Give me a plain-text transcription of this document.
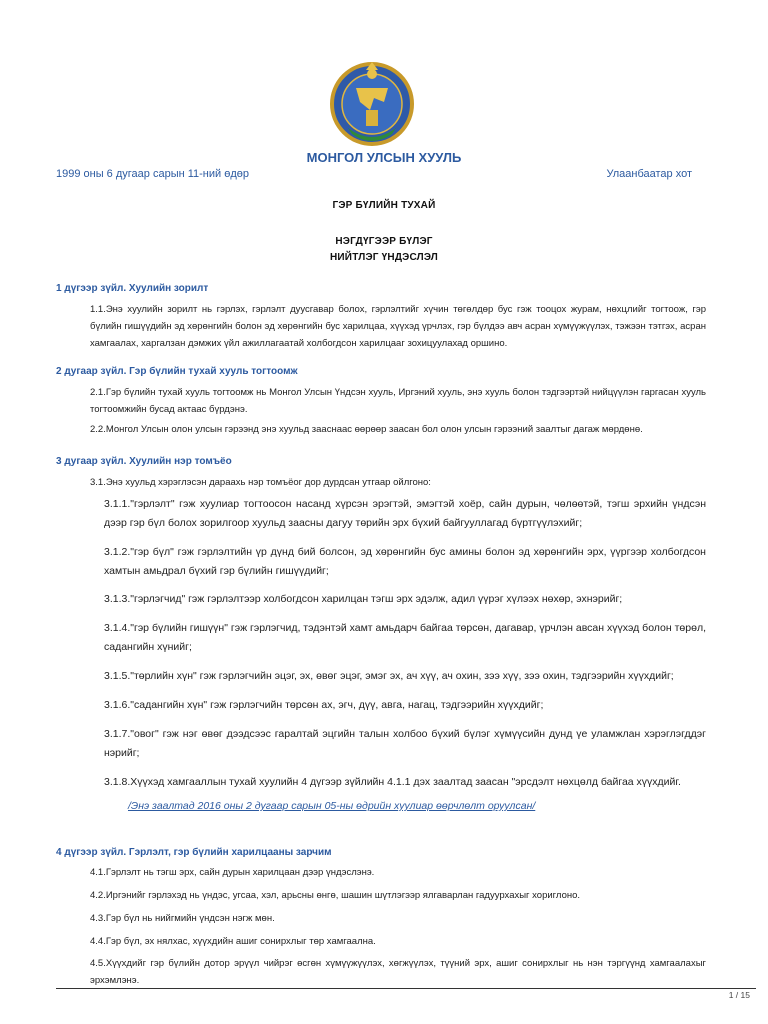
МОНГОЛ УЛСЫН ХУУЛЬ
1999 оны 6 дугаар сарын 11-ний өдөр	Улаанбаатар хот
ГЭР БҮЛИЙН ТУХАЙ
НЭГДҮГЭЭР БҮЛЭГ
НИЙТЛЭГ ҮНДЭСЛЭЛ
1 дүгээр зүйл. Хуулийн зорилт

1.1.Энэ хуулийн зорилт нь гэрлэх, гэрлэлт дуусгавар болох, гэрлэлтийг хүчин төгөлдөр бус гэж тооцох журам, нөхцлийг тогтоож, гэр бүлийн гишүүдийн эд хөрөнгийн болон эд хөрөнгийн бус харилцаа, хүүхэд үрчлэх, гэр бүлдээ авч асран хүмүүжүүлэх, тэжээн тэтгэх, асран хамгаалах, харгалзан дэмжих үйл ажиллагаатай холбогдсон харилцааг зохицуулахад оршино.

2 дугаар зүйл. Гэр бүлийн тухай хууль тогтоомж

2.1.Гэр бүлийн тухай хууль тогтоомж нь Монгол Улсын Үндсэн хууль, Иргэний хууль, энэ хууль болон тэдгээртэй нийцүүлэн гаргасан хууль тогтоомжийн бусад актаас бүрдэнэ.

2.2.Монгол Улсын олон улсын гэрээнд энэ хуульд зааснаас өөрөөр заасан бол олон улсын гэрээний заалтыг дагаж мөрдөнө.

3 дугаар зүйл. Хуулийн нэр томъёо

3.1.Энэ хуульд хэрэглэсэн дараахь нэр томъёог дор дурдсан утгаар ойлгоно:

3.1.1."гэрлэлт" гэж хуулиар тогтоосон насанд хүрсэн эрэгтэй, эмэгтэй хоёр, сайн дурын, чөлөөтэй, тэгш эрхийн үндсэн дээр гэр бүл болох зорилгоор хуульд заасны дагуу төрийн эрх бүхий байгууллагад бүртгүүлэхийг;

3.1.2."гэр бүл" гэж гэрлэлтийн үр дүнд бий болсон, эд хөрөнгийн бус амины болон эд хөрөнгийн эрх, үүргээр холбогдсон хамтын амьдрал бүхий гэр бүлийн гишүүдийг;

3.1.3."гэрлэгчид" гэж гэрлэлтээр холбогдсон харилцан тэгш эрх эдэлж, адил үүрэг хүлээх нөхөр, эхнэрийг;

3.1.4."гэр бүлийн гишүүн" гэж гэрлэгчид, тэдэнтэй хамт амьдарч байгаа төрсөн, дагавар, үрчлэн авсан хүүхэд болон төрөл, садангийн хүнийг;

3.1.5."төрлийн хүн" гэж гэрлэгчийн эцэг, эх, өвөг эцэг, эмэг эх, ач хүү, ач охин, зээ хүү, зээ охин, тэдгээрийн хүүхдийг;

3.1.6."садангийн хүн" гэж гэрлэгчийн төрсөн ах, эгч, дүү, авга, нагац, тэдгээрийн хүүхдийг;

3.1.7."овог" гэж нэг өвөг дээдсээс гаралтай эцгийн талын холбоо бүхий бүлэг хүмүүсийн дунд үе уламжлан хэрэглэгддэг нэрийг;

3.1.8.Хүүхэд хамгааллын тухай хуулийн 4 дүгээр зүйлийн 4.1.1 дэх заалтад заасан "эрсдэлт нөхцөлд байгаа хүүхдийг.

/Энэ заалтад 2016 оны 2 дугаар сарын 05-ны өдрийн хуулиар өөрчлөлт оруулсан/
4 дүгээр зүйл. Гэрлэлт, гэр бүлийн харилцааны зарчим

4.1.Гэрлэлт нь тэгш эрх, сайн дурын харилцаан дээр үндэслэнэ.

4.2.Иргэнийг гэрлэхэд нь үндэс, угсаа, хэл, арьсны өнгө, шашин шүтлэгээр ялгаварлан гадуурхахыг хориглоно.

4.3.Гэр бүл нь нийгмийн үндсэн нэгж мөн.

4.4.Гэр бүл, эх нялхас, хүүхдийн ашиг сонирхлыг төр хамгаална.

4.5.Хүүхдийг гэр бүлийн дотор эрүүл чийрэг өсгөн хүмүүжүүлэх, хөгжүүлэх, түүний эрх, ашиг сонирхлыг нь нэн тэргүүнд хамгаалахыг эрхэмлэнэ.

1 / 15
